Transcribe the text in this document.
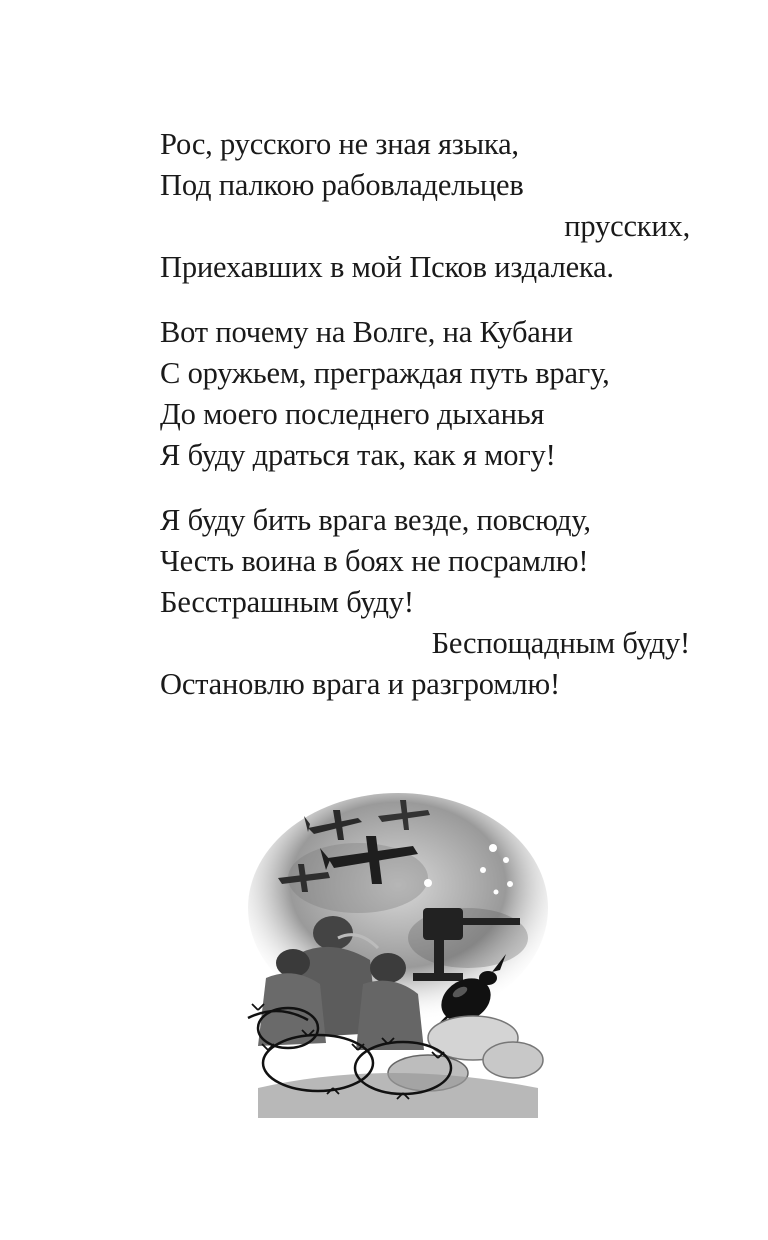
Рос, русского не зная языка,
Под палкою рабовладельцев
прусских,
Приехавших в мой Псков издалека.
Вот почему на Волге, на Кубани
С оружьем, преграждая путь врагу,
До моего последнего дыханья
Я буду драться так, как я могу!
Я буду бить врага везде, повсюду,
Честь воина в боях не посрамлю!
Бесстрашным буду!
Беспощадным буду!
Остановлю врага и разгромлю!
